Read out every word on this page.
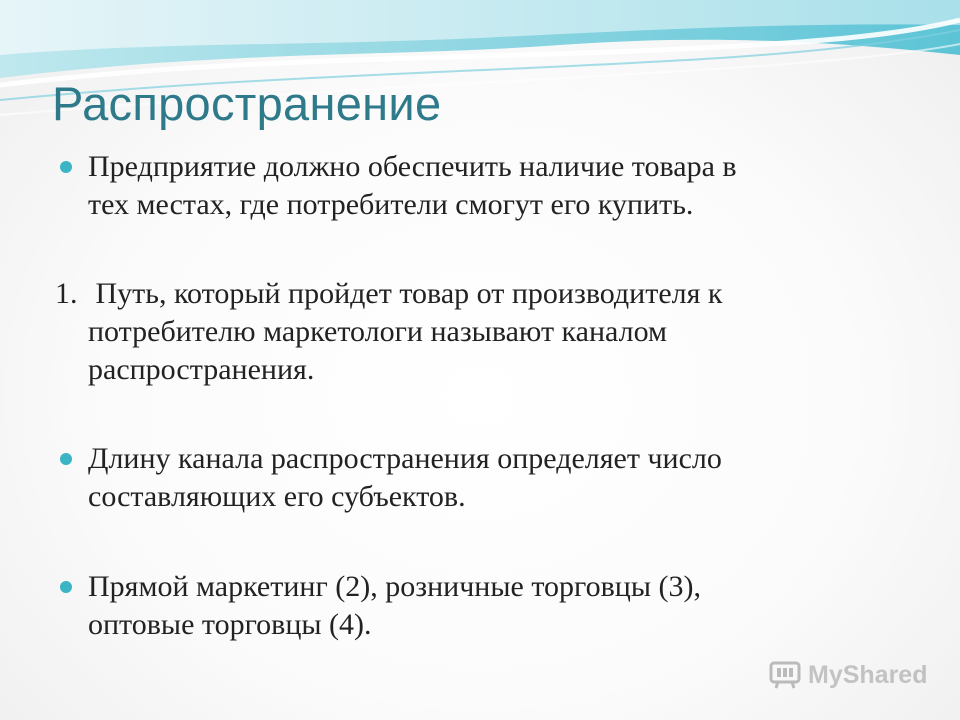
Распространение
Предприятие должно обеспечить наличие товара в
тех местах, где потребители смогут его купить.
1. Путь, который пройдет товар от производителя к
потребителю маркетологи называют каналом
распространения.
Длину канала распространения определяет число
составляющих его субъектов.
Прямой маркетинг (2), розничные торговцы (3),
оптовые торговцы (4).
MyShared
